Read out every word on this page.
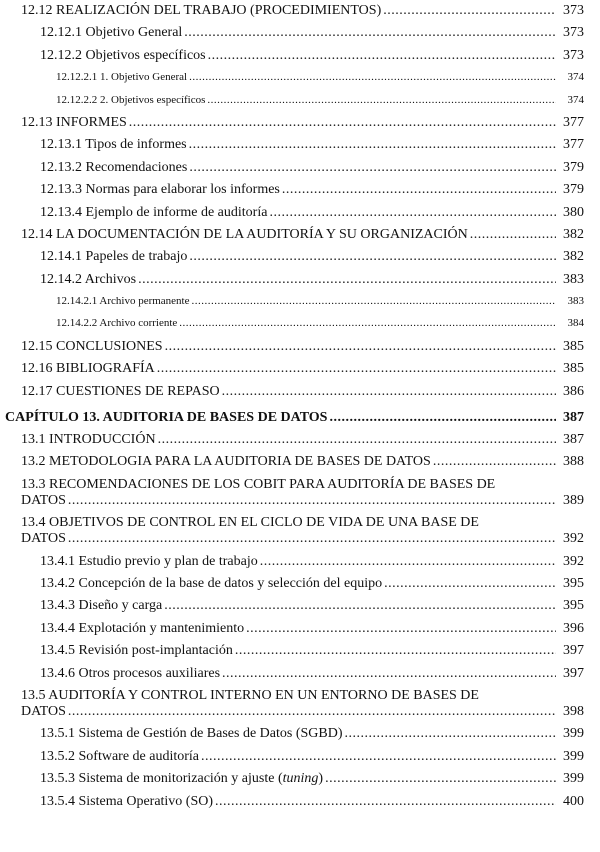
12.12 REALIZACIÓN DEL TRABAJO (PROCEDIMIENTOS) .....	373
12.12.1 Objetivo General .....	373
12.12.2 Objetivos específicos .....	373
12.12.2.1 1. Objetivo General .....	374
12.12.2.2 2. Objetivos específicos .....	374
12.13 INFORMES .....	377
12.13.1 Tipos de informes .....	377
12.13.2 Recomendaciones .....	379
12.13.3 Normas para elaborar los informes .....	379
12.13.4 Ejemplo de informe de auditoría .....	380
12.14 LA DOCUMENTACIÓN DE LA AUDITORÍA Y SU ORGANIZACIÓN .....	382
12.14.1 Papeles de trabajo .....	382
12.14.2 Archivos .....	383
12.14.2.1 Archivo permanente .....	383
12.14.2.2 Archivo corriente .....	384
12.15 CONCLUSIONES .....	385
12.16 BIBLIOGRAFÍA .....	385
12.17 CUESTIONES DE REPASO .....	386
CAPÍTULO 13. AUDITORIA DE BASES DE DATOS .....	387
13.1 INTRODUCCIÓN .....	387
13.2 METODOLOGIA PARA LA AUDITORIA DE BASES DE DATOS .....	388
13.3 RECOMENDACIONES DE LOS COBIT PARA AUDITORÍA DE BASES DE
DATOS .....	389
13.4 OBJETIVOS DE CONTROL EN EL CICLO DE VIDA DE UNA BASE DE
DATOS .....	392
13.4.1 Estudio previo y plan de trabajo .....	392
13.4.2 Concepción de la base de datos y selección del equipo .....	395
13.4.3 Diseño y carga .....	395
13.4.4 Explotación y mantenimiento .....	396
13.4.5 Revisión post-implantación .....	397
13.4.6 Otros procesos auxiliares .....	397
13.5 AUDITORÍA Y CONTROL INTERNO EN UN ENTORNO DE BASES DE
DATOS .....	398
13.5.1 Sistema de Gestión de Bases de Datos (SGBD) .....	399
13.5.2 Software de auditoría .....	399
13.5.3 Sistema de monitorización y ajuste (tuning) .....	399
13.5.4 Sistema Operativo (SO) .....	400
